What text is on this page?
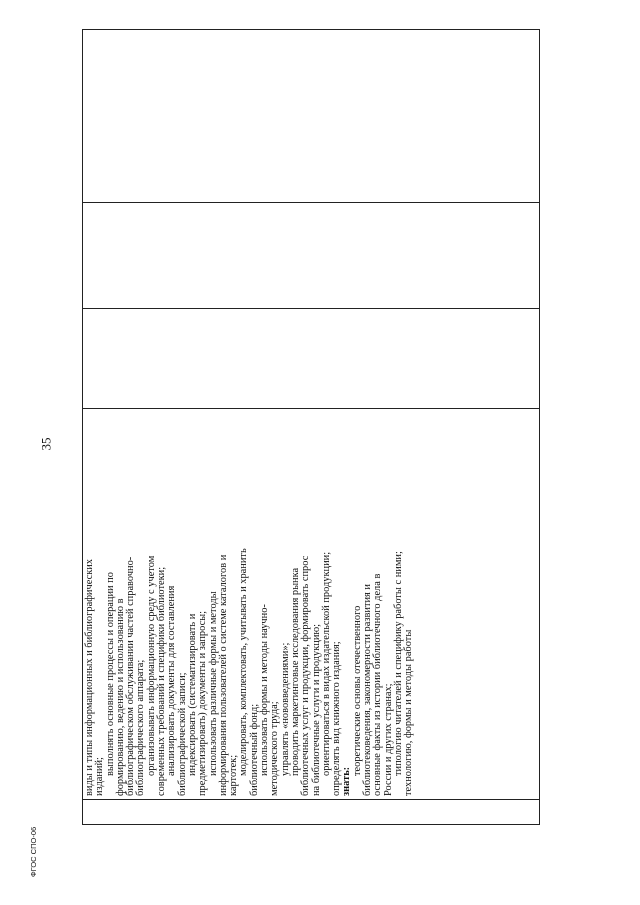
35

виды и типы информационных и библиографических изданий;
выполнять основные процессы и операции по формированию, ведению и использованию в библиографическом обслуживании частей справочно- библиографического аппарата; организовывать информационную среду с учетом современных требований и специфики библиотеки; анализировать документы для составления библиографической записи; индексировать (систематизировать и предметизировать) документы и запросы; использовать различные формы и методы информирования пользователей о системе каталогов и картотек; моделировать, комплектовать, учитывать и хранить библиотечный фонд; использовать формы и методы научно- методического труда; управлять «нововведениями»; проводить маркетинговые исследования рынка библиотечных услуг и продукции, формировать спрос на библиотечные услуги и продукцию; ориентироваться в видах издательской продукции; определять вид книжного издания; знать:
теоретические основы отечественного библиотековедения, закономерности развития и основные факты из истории библиотечного дела в России и других странах; типологию читателей и специфику работы с ними; технологию, формы и методы работы

ФГОС СПО-06
